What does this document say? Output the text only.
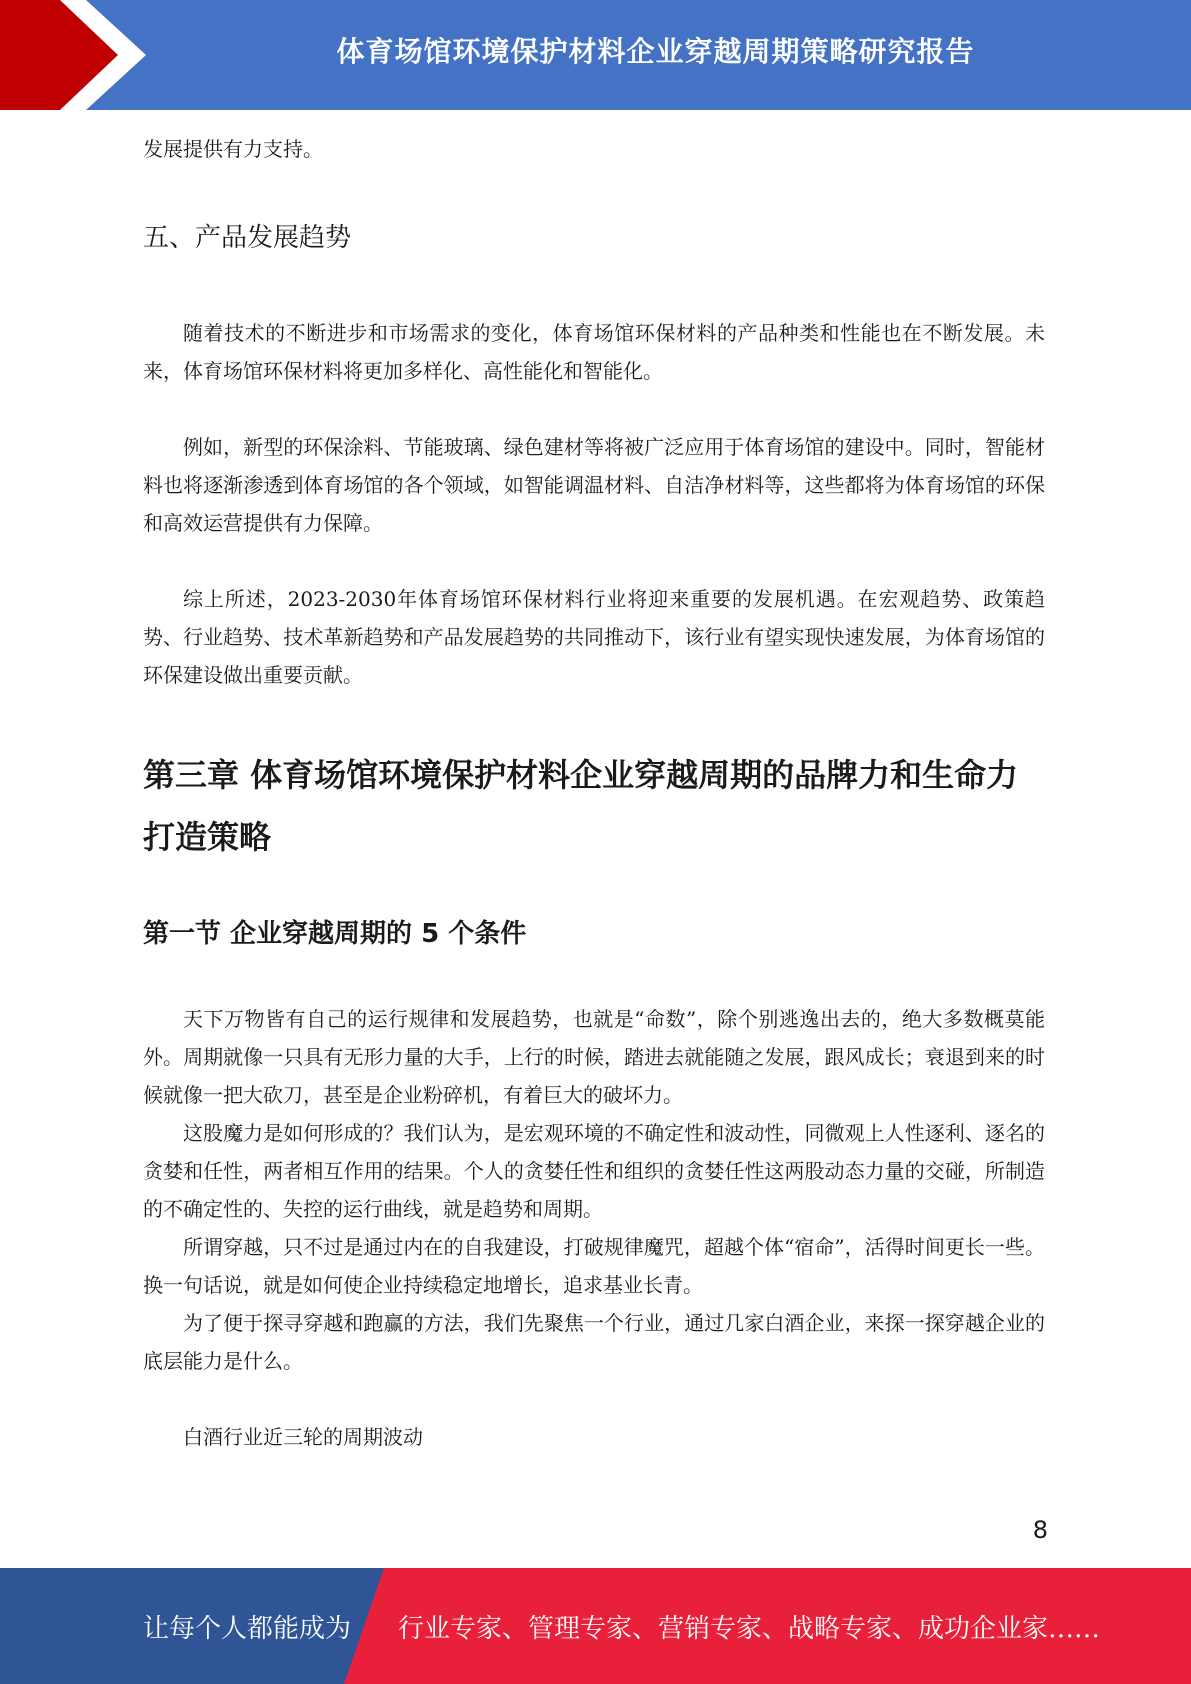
体育场馆环境保护材料企业穿越周期策略研究报告

发展提供有力支持。

五、产品发展趋势

随着技术的不断进步和市场需求的变化，体育场馆环保材料的产品种类和性能也在不断发展。未来，体育场馆环保材料将更加多样化、高性能化和智能化。

例如，新型的环保涂料、节能玻璃、绿色建材等将被广泛应用于体育场馆的建设中。同时，智能材料也将逐渐渗透到体育场馆的各个领域，如智能调温材料、自洁净材料等，这些都将为体育场馆的环保和高效运营提供有力保障。

综上所述，2023-2030年体育场馆环保材料行业将迎来重要的发展机遇。在宏观趋势、政策趋势、行业趋势、技术革新趋势和产品发展趋势的共同推动下，该行业有望实现快速发展，为体育场馆的环保建设做出重要贡献。

第三章 体育场馆环境保护材料企业穿越周期的品牌力和生命力打造策略
第一节 企业穿越周期的 5 个条件

天下万物皆有自己的运行规律和发展趋势，也就是“命数”，除个别逃逸出去的，绝大多数概莫能外。周期就像一只具有无形力量的大手，上行的时候，踏进去就能随之发展，跟风成长；衰退到来的时候就像一把大砍刀，甚至是企业粉碎机，有着巨大的破坏力。

这股魔力是如何形成的？我们认为，是宏观环境的不确定性和波动性，同微观上人性逐利、逐名的贪婪和任性，两者相互作用的结果。个人的贪婪任性和组织的贪婪任性这两股动态力量的交碰，所制造的不确定性的、失控的运行曲线，就是趋势和周期。

所谓穿越，只不过是通过内在的自我建设，打破规律魔咒，超越个体“宿命”，活得时间更长一些。换一句话说，就是如何使企业持续稳定地增长，追求基业长青。

为了便于探寻穿越和跑赢的方法，我们先聚焦一个行业，通过几家白酒企业，来探一探穿越企业的底层能力是什么。

白酒行业近三轮的周期波动

8
让每个人都能成为 行业专家、管理专家、营销专家、战略专家、成功企业家……
